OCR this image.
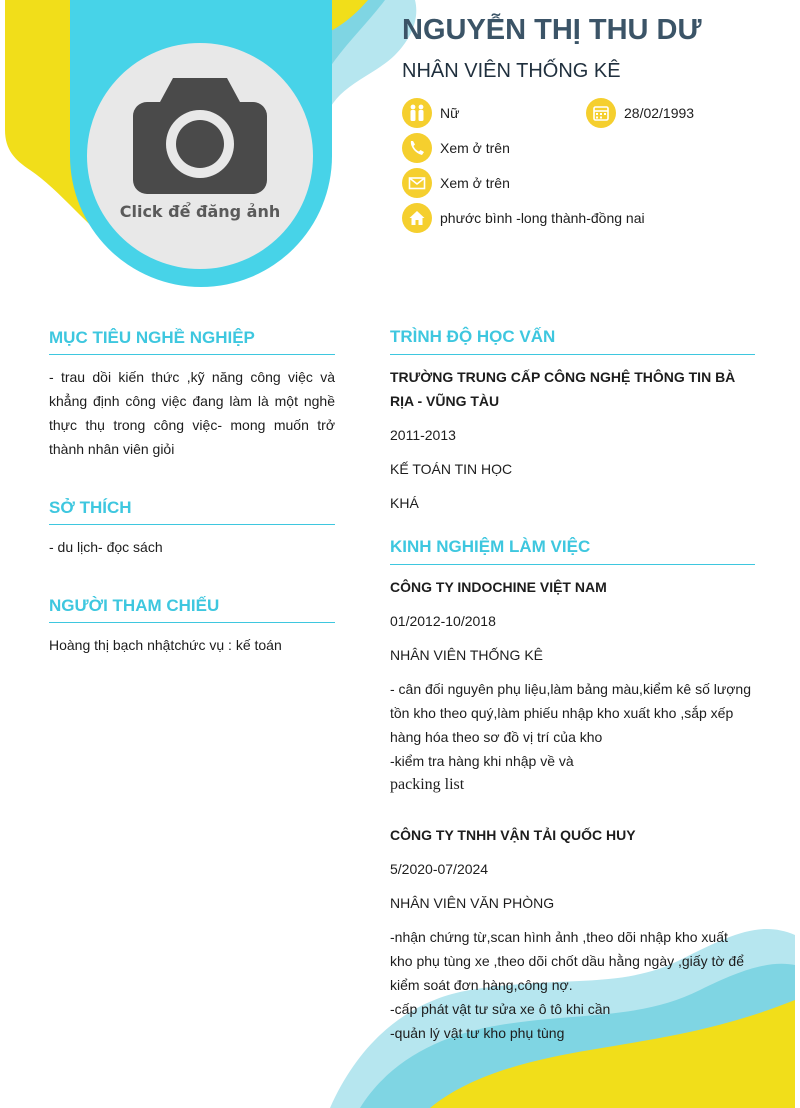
Click để đăng ảnh
NGUYỄN THỊ THU DƯ
NHÂN VIÊN THỐNG KÊ
Nữ	28/02/1993
Xem ở trên
Xem ở trên
phước bình -long thành-đồng nai
MỤC TIÊU NGHỀ NGHIỆP
- trau dồi kiến thức ,kỹ năng công việc và khẳng định công việc đang làm là một nghề thực thụ trong công việc- mong muốn trở thành nhân viên giỏi
SỞ THÍCH
- du lịch- đọc sách
NGƯỜI THAM CHIẾU
Hoàng thị bạch nhậtchức vụ : kế toán
TRÌNH ĐỘ HỌC VẤN
TRƯỜNG TRUNG CẤP CÔNG NGHỆ THÔNG TIN BÀ RỊA - VŨNG TÀU
2011-2013
KẾ TOÁN TIN HỌC
KHÁ
KINH NGHIỆM LÀM VIỆC
CÔNG TY INDOCHINE VIỆT NAM
01/2012-10/2018
NHÂN VIÊN THỐNG KÊ
- cân đối nguyên phụ liệu,làm bảng màu,kiểm kê số lượng tồn kho theo quý,làm phiếu nhập kho xuất kho ,sắp xếp hàng hóa theo sơ đồ vị trí của kho
-kiểm tra hàng khi nhập về và
packing list
CÔNG TY TNHH VẬN TẢI QUỐC HUY
5/2020-07/2024
NHÂN VIÊN VĂN PHÒNG
-nhận chứng từ,scan hình ảnh ,theo dõi nhập kho xuất kho phụ tùng xe ,theo dõi chốt dầu hằng ngày ,giấy tờ để kiểm soát đơn hàng,công nợ.
-cấp phát vật tư sửa xe ô tô khi cần
-quản lý vật tư kho phụ tùng
